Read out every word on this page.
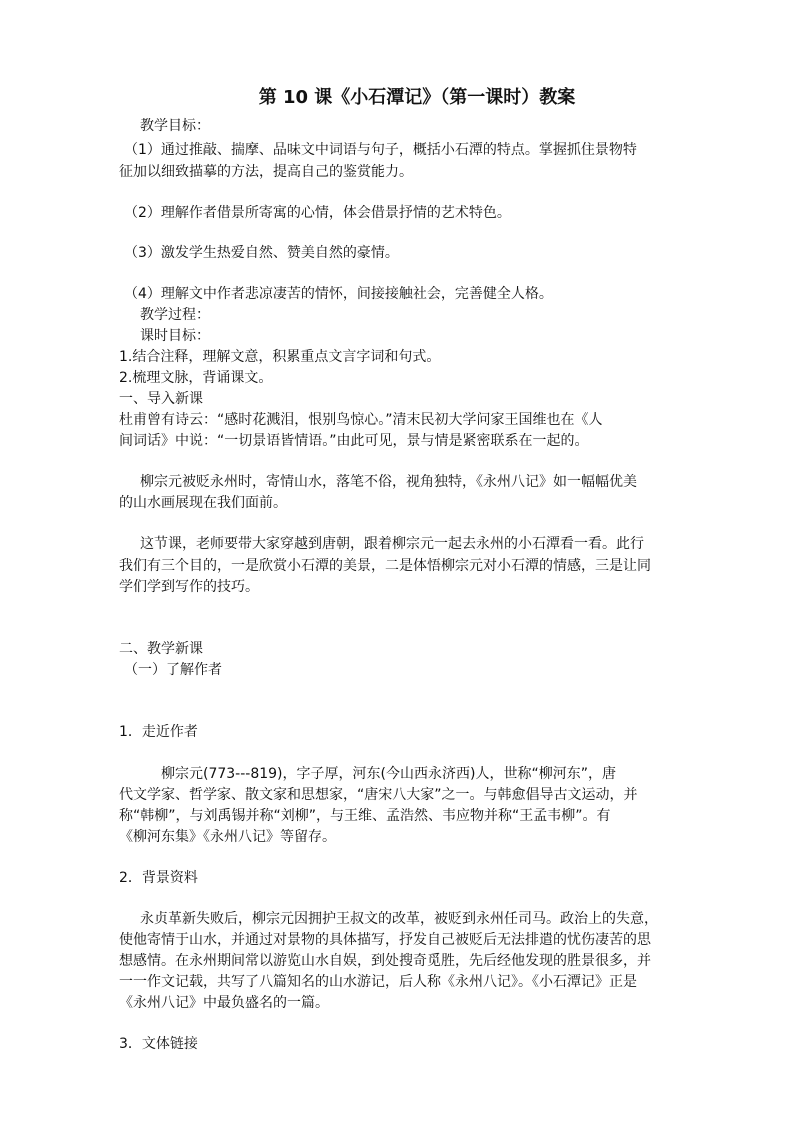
第 10 课《小石潭记》（第一课时）教案
教学目标：
（1）通过推敲、揣摩、品味文中词语与句子，概括小石潭的特点。掌握抓住景物特
征加以细致描摹的方法，提高自己的鉴赏能力。
（2）理解作者借景所寄寓的心情，体会借景抒情的艺术特色。
（3）激发学生热爱自然、赞美自然的豪情。
（4）理解文中作者悲凉凄苦的情怀，间接接触社会，完善健全人格。
教学过程：
课时目标：
1.结合注释，理解文意，积累重点文言字词和句式。
2.梳理文脉，背诵课文。
一、导入新课
杜甫曾有诗云：“感时花溅泪，恨别鸟惊心。”清末民初大学问家王国维也在《人
间词话》中说：“一切景语皆情语。”由此可见，景与情是紧密联系在一起的。
柳宗元被贬永州时，寄情山水，落笔不俗，视角独特，《永州八记》如一幅幅优美
的山水画展现在我们面前。
这节课，老师要带大家穿越到唐朝，跟着柳宗元一起去永州的小石潭看一看。此行
我们有三个目的，一是欣赏小石潭的美景，二是体悟柳宗元对小石潭的情感，三是让同
学们学到写作的技巧。
二、教学新课
（一）了解作者
1．走近作者
柳宗元(773---819)，字子厚，河东(今山西永济西)人，世称“柳河东”，唐
代文学家、哲学家、散文家和思想家，“唐宋八大家”之一。与韩愈倡导古文运动，并
称“韩柳”，与刘禹锡并称“刘柳”，与王维、孟浩然、韦应物并称“王孟韦柳”。有
《柳河东集》《永州八记》等留存。
2．背景资料
永贞革新失败后，柳宗元因拥护王叔文的改革，被贬到永州任司马。政治上的失意，
使他寄情于山水，并通过对景物的具体描写，抒发自己被贬后无法排遣的忧伤凄苦的思
想感情。在永州期间常以游览山水自娱，到处搜奇觅胜，先后经他发现的胜景很多，并
一一作文记载，共写了八篇知名的山水游记，后人称《永州八记》。《小石潭记》正是
《永州八记》中最负盛名的一篇。
3．文体链接
